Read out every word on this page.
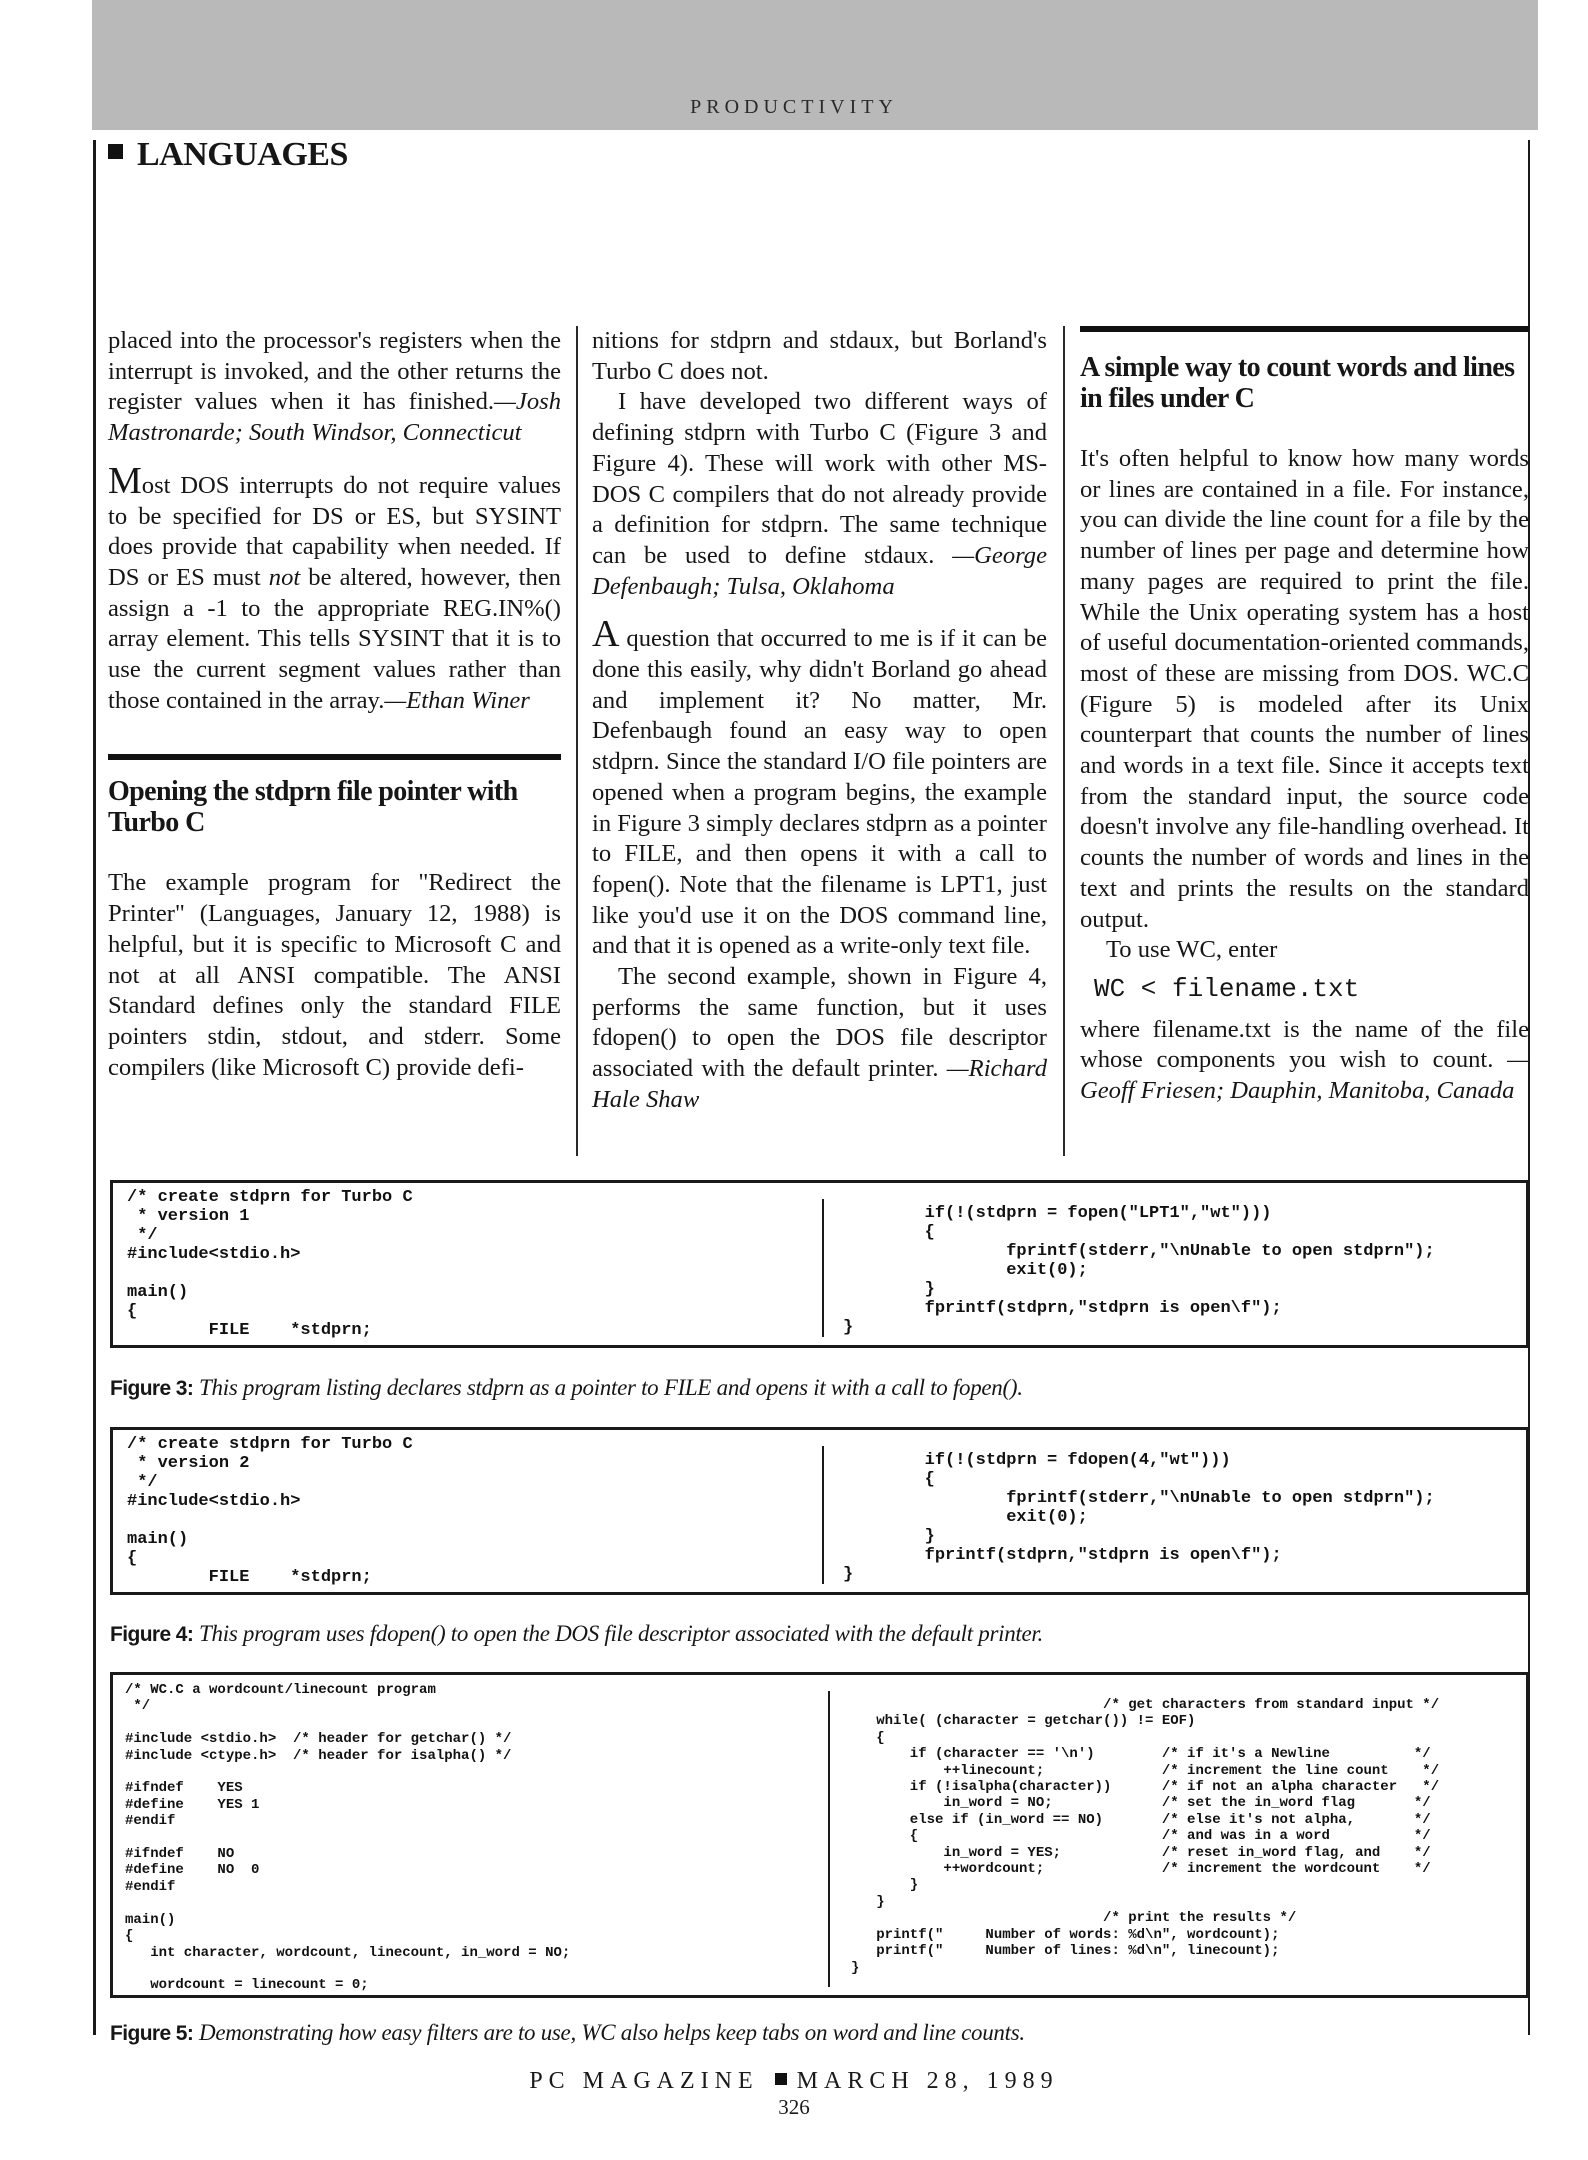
PRODUCTIVITY
LANGUAGES

placed into the processor's registers when the interrupt is invoked, and the other returns the register values when it has finished.—Josh Mastronarde; South Windsor, Connecticut

Most DOS interrupts do not require values to be specified for DS or ES, but SYSINT does provide that capability when needed. If DS or ES must not be altered, however, then assign a -1 to the appropriate REG.IN%() array element. This tells SYSINT that it is to use the current segment values rather than those contained in the array.—Ethan Winer

Opening the stdprn file pointer with Turbo C

The example program for "Redirect the Printer" (Languages, January 12, 1988) is helpful, but it is specific to Microsoft C and not at all ANSI compatible. The ANSI Standard defines only the standard FILE pointers stdin, stdout, and stderr. Some compilers (like Microsoft C) provide defi-

nitions for stdprn and stdaux, but Borland's Turbo C does not.

I have developed two different ways of defining stdprn with Turbo C (Figure 3 and Figure 4). These will work with other MS-DOS C compilers that do not already provide a definition for stdprn. The same technique can be used to define stdaux. —George Defenbaugh; Tulsa, Oklahoma

A question that occurred to me is if it can be done this easily, why didn't Borland go ahead and implement it? No matter, Mr. Defenbaugh found an easy way to open stdprn. Since the standard I/O file pointers are opened when a program begins, the example in Figure 3 simply declares stdprn as a pointer to FILE, and then opens it with a call to fopen(). Note that the filename is LPT1, just like you'd use it on the DOS command line, and that it is opened as a write-only text file.

The second example, shown in Figure 4, performs the same function, but it uses fdopen() to open the DOS file descriptor associated with the default printer. —Richard Hale Shaw

A simple way to count words and lines in files under C

It's often helpful to know how many words or lines are contained in a file. For instance, you can divide the line count for a file by the number of lines per page and determine how many pages are required to print the file. While the Unix operating system has a host of useful documentation-oriented commands, most of these are missing from DOS. WC.C (Figure 5) is modeled after its Unix counterpart that counts the number of lines and words in a text file. Since it accepts text from the standard input, the source code doesn't involve any file-handling overhead. It counts the number of words and lines in the text and prints the results on the standard output.

To use WC, enter

WC < filename.txt

where filename.txt is the name of the file whose components you wish to count. —Geoff Friesen; Dauphin, Manitoba, Canada

/* create stdprn for Turbo C
* version 1
*/
#include<stdio.h>

main()
{
FILE    *stdprn;
if(!(stdprn = fopen("LPT1","wt")))
{
fprintf(stderr,"\nUnable to open stdprn");
exit(0);
}
fprintf(stdprn,"stdprn is open\f");
}
Figure 3: This program listing declares stdprn as a pointer to FILE and opens it with a call to fopen().
/* create stdprn for Turbo C
* version 2
*/
#include<stdio.h>

main()
{
FILE    *stdprn;
if(!(stdprn = fdopen(4,"wt")))
{
fprintf(stderr,"\nUnable to open stdprn");
exit(0);
}
fprintf(stdprn,"stdprn is open\f");
}
Figure 4: This program uses fdopen() to open the DOS file descriptor associated with the default printer.
/* WC.C a wordcount/linecount program
*/

#include <stdio.h>  /* header for getchar() */
#include <ctype.h>  /* header for isalpha() */

#ifndef    YES
#define    YES 1
#endif

#ifndef    NO
#define    NO  0
#endif

main()
{
int character, wordcount, linecount, in_word = NO;

wordcount = linecount = 0;
/* get characters from standard input */
while( (character = getchar()) != EOF)
{
if (character == '\n')        /* if it's a Newline          */
++linecount;              /* increment the line count    */
if (!isalpha(character))      /* if not an alpha character   */
in_word = NO;             /* set the in_word flag       */
else if (in_word == NO)       /* else it's not alpha,       */
{                             /* and was in a word          */
in_word = YES;            /* reset in_word flag, and    */
++wordcount;              /* increment the wordcount    */
}
}
/* print the results */
printf("     Number of words: %d\n", wordcount);
printf("     Number of lines: %d\n", linecount);
}
Figure 5: Demonstrating how easy filters are to use, WC also helps keep tabs on word and line counts.
PC MAGAZINE MARCH 28, 1989
326
